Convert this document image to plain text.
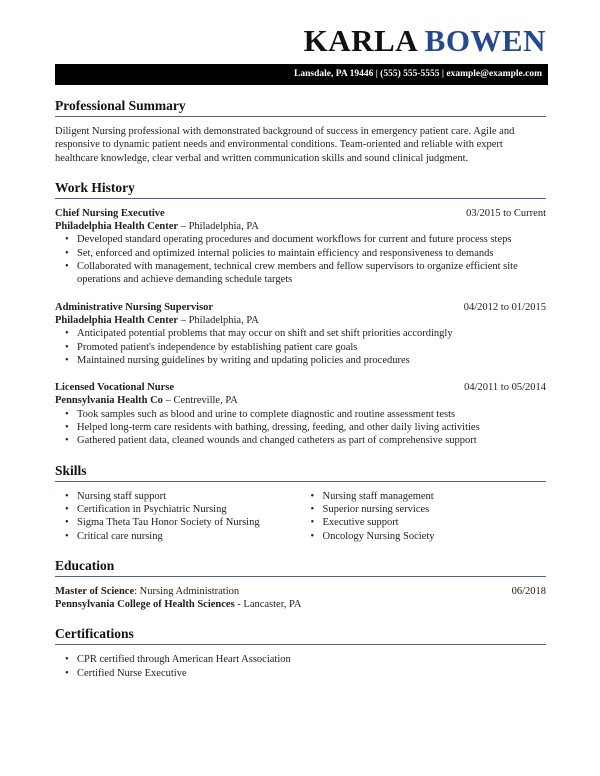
KARLA BOWEN
Lansdale, PA 19446 | (555) 555-5555 | example@example.com
Professional Summary

Diligent Nursing professional with demonstrated background of success in emergency patient care. Agile and responsive to dynamic patient needs and environmental conditions. Team-oriented and reliable with expert healthcare knowledge, clear verbal and written communication skills and sound clinical judgment.

Work History
Chief Nursing Executive	03/2015 to Current
Philadelphia Health Center – Philadelphia, PA
• Developed standard operating procedures and document workflows for current and future process steps
• Set, enforced and optimized internal policies to maintain efficiency and responsiveness to demands
• Collaborated with management, technical crew members and fellow supervisors to organize efficient site operations and achieve demanding schedule targets
Administrative Nursing Supervisor	04/2012 to 01/2015
Philadelphia Health Center – Philadelphia, PA
• Anticipated potential problems that may occur on shift and set shift priorities accordingly
• Promoted patient's independence by establishing patient care goals
• Maintained nursing guidelines by writing and updating policies and procedures
Licensed Vocational Nurse	04/2011 to 05/2014
Pennsylvania Health Co – Centreville, PA
• Took samples such as blood and urine to complete diagnostic and routine assessment tests
• Helped long-term care residents with bathing, dressing, feeding, and other daily living activities
• Gathered patient data, cleaned wounds and changed catheters as part of comprehensive support
Skills
• Nursing staff support
• Certification in Psychiatric Nursing
• Sigma Theta Tau Honor Society of Nursing
• Critical care nursing
• Nursing staff management
• Superior nursing services
• Executive support
• Oncology Nursing Society
Education
Master of Science: Nursing Administration	06/2018
Pennsylvania College of Health Sciences - Lancaster, PA
Certifications
• CPR certified through American Heart Association
• Certified Nurse Executive
